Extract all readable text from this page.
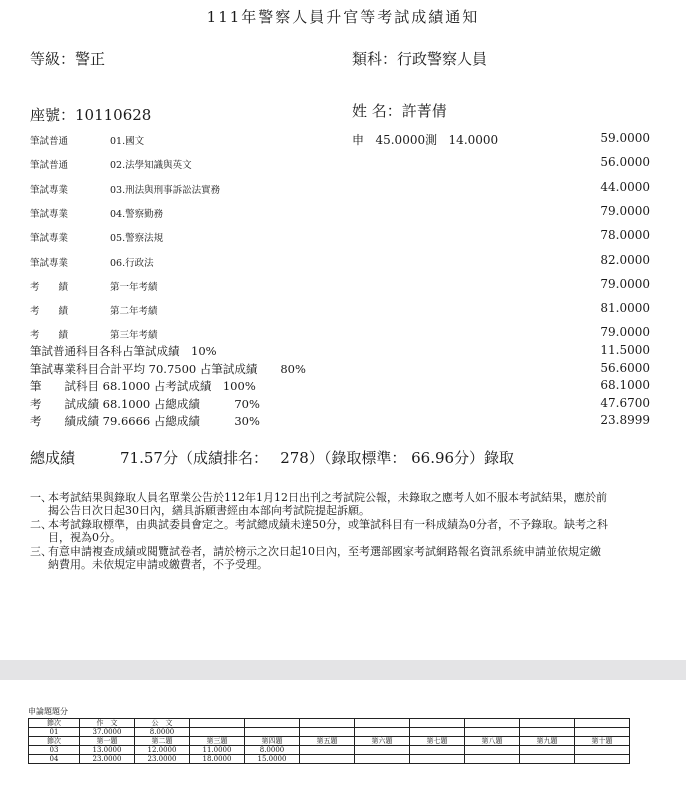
111年警察人員升官等考試成績通知
等級：警正	類科：行政警察人員
座號：10110628	姓 名：許菁倩
筆試普通	01.國文	59.0000
筆試普通	02.法學知識與英文	56.0000
筆試專業	03.刑法與刑事訴訟法實務	44.0000
筆試專業	04.警察勤務	79.0000
筆試專業	05.警察法規	78.0000
筆試專業	06.行政法	82.0000
考　　績	第一年考績	79.0000
考　　績	第二年考績	81.0000
考　　績	第三年考績	79.0000
申 45.0000測 14.0000
筆試普通科目各科占筆試成績　10%	11.5000
筆試專業科目合計平均 70.7500 占筆試成績　　80%	56.6000
筆　　試科目 68.1000 占考試成績　100%	68.1000
考　　試成績 68.1000 占總成績　　　70%	47.6700
考　　績成績 79.6666 占總成績　　　30%	23.8999
總成績　　　71.57分（成績排名：　 278）（錄取標準： 66.96分）錄取
一、
本考試結果與錄取人員名單業公告於112年1月12日出刊之考試院公報，未錄取之應考人如不服本考試結果，應於前揭公告日次日起30日內，繕具訴願書經由本部向考試院提起訴願。
二、
本考試錄取標準，由典試委員會定之。考試總成績未達50分，或筆試科目有一科成績為0分者，不予錄取。缺考之科目，視為0分。
三、
有意申請複查成績或閱覽試卷者，請於榜示之次日起10日內，至考選部國家考試網路報名資訊系統申請並依規定繳納費用。未依規定申請或繳費者，不予受理。
申論題題分
節次	作　文	公　文								
01	37.0000	8.0000								
節次	第一題	第二題	第三題	第四題	第五題	第六題	第七題	第八題	第九題	第十題
03	13.0000	12.0000	11.0000	8.0000						
04	23.0000	23.0000	18.0000	15.0000						
